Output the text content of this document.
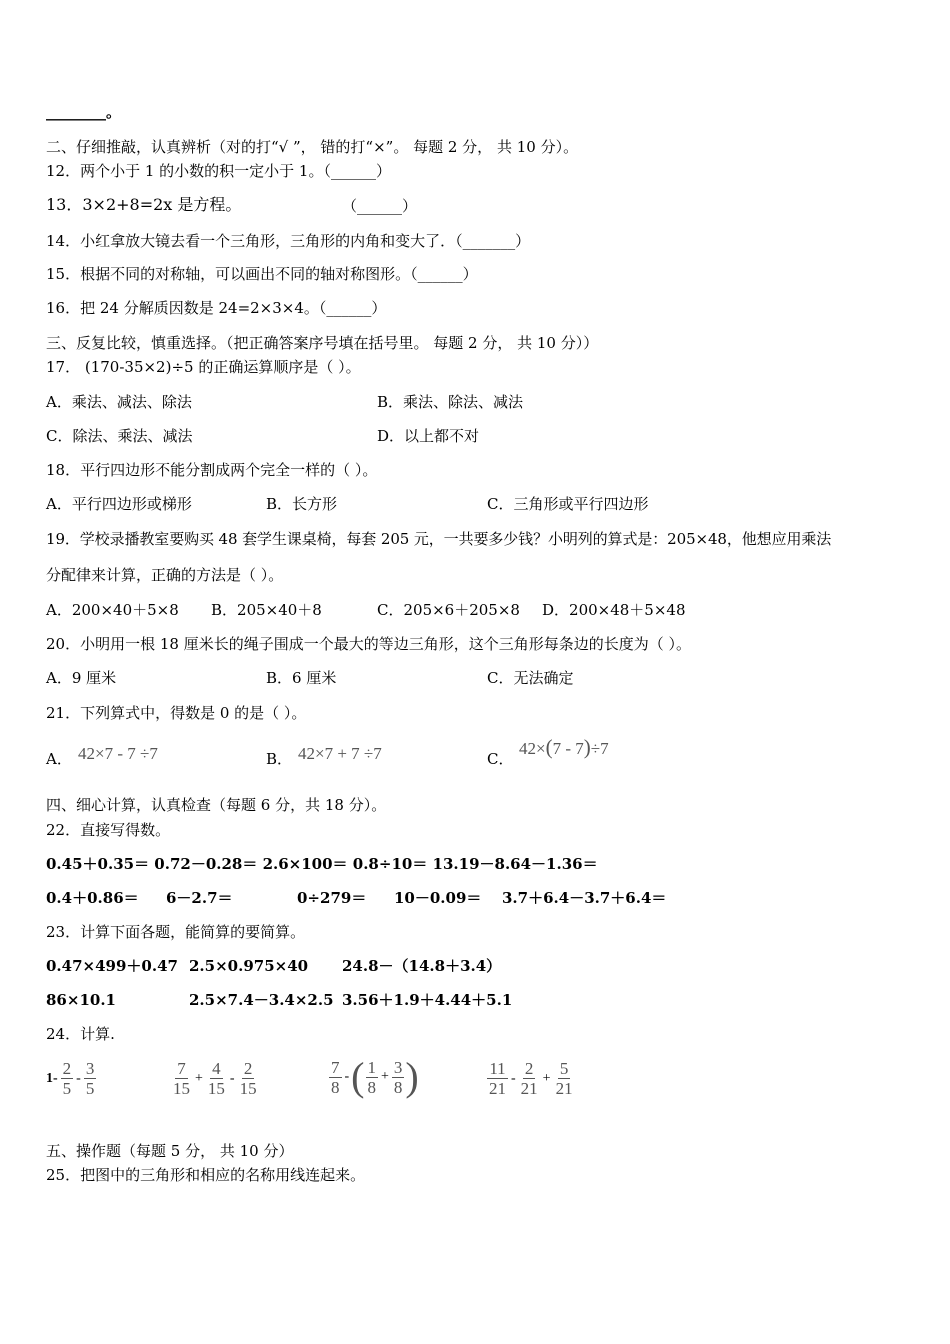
________。
二、仔细推敲，认真辨析（对的打“√ ”， 错的打“×”。 每题 2 分， 共 10 分）。
12．两个小于 1 的小数的积一定小于 1。（______）
13．3×2+8=2x 是方程。	（______）
14．小红拿放大镜去看一个三角形，三角形的内角和变大了．（_______）
15．根据不同的对称轴，可以画出不同的轴对称图形。（______）
16．把 24 分解质因数是 24=2×3×4。（______）
三、反复比较，慎重选择。（把正确答案序号填在括号里。 每题 2 分， 共 10 分））
17． (170-35×2)÷5 的正确运算顺序是（ ）。
A．乘法、减法、除法	B．乘法、除法、减法
C．除法、乘法、减法	D．以上都不对
18．平行四边形不能分割成两个完全一样的（ ）。
A．平行四边形或梯形	B．长方形	C．三角形或平行四边形
19．学校录播教室要购买 48 套学生课桌椅，每套 205 元，一共要多少钱？小明列的算式是：205×48，他想应用乘法
分配律来计算，正确的方法是（ ）。
A．200×40＋5×8 B．205×40＋8	C．205×6＋205×8 D．200×48＋5×48
20．小明用一根 18 厘米长的绳子围成一个最大的等边三角形，这个三角形每条边的长度为（ ）。
A．9 厘米	B．6 厘米	C．无法确定
21．下列算式中，得数是 0 的是（ ）。
A． 42×7 - 7 ÷7	B． 42×7 + 7 ÷7	C．
42×(7 - 7)÷7
四、细心计算，认真检查（每题 6 分，共 18 分）。
22．直接写得数。
0.45＋0.35＝ 0.72－0.28＝ 2.6×100＝ 0.8÷10＝ 13.19－8.64－1.36＝
0.4＋0.86＝ 6－2.7＝	0÷279＝ 10－0.09＝ 3.7＋6.4－3.7＋6.4＝
23．计算下面各题，能简算的要简算。
0.47×499＋0.47 2.5×0.975×40 24.8－（14.8＋3.4）
86×10.1	2.5×7.4－3.4×2.5 3.56＋1.9＋4.44＋5.1
24．计算.
$1- \frac{2}{5} - \frac{3}{5}$	$\frac{7}{15} + \frac{4}{15} - \frac{2}{15}$	$\frac{7}{8}$ - ( $\frac{1}{8} + \frac{3}{8}$ )	$\frac{11}{21} - \frac{2}{21} + \frac{5}{21}$
五、操作题（每题 5 分， 共 10 分）
25．把图中的三角形和相应的名称用线连起来。
